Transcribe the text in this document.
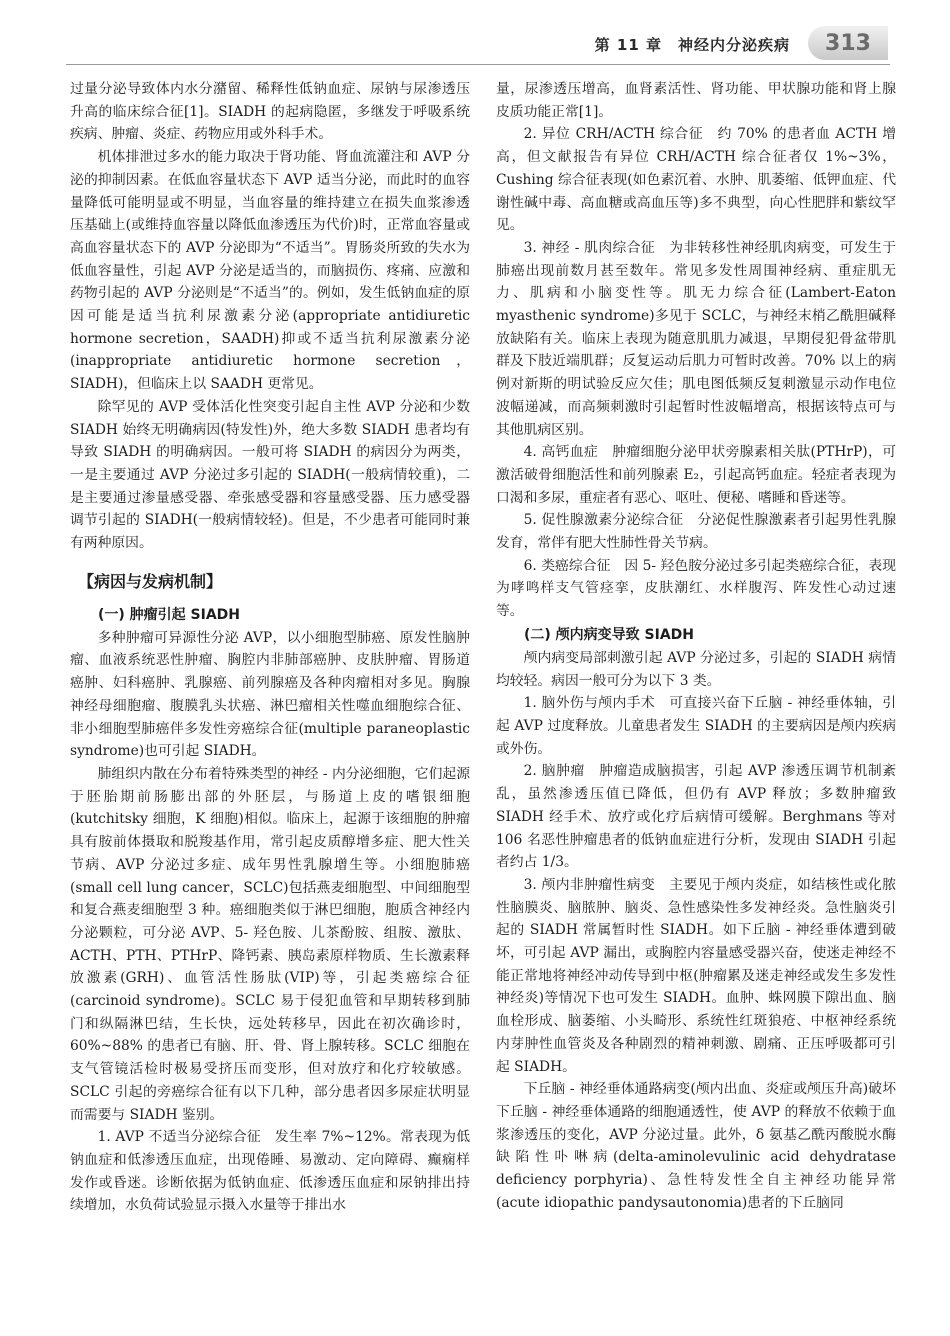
第 11 章　神经内分泌疾病	313

过量分泌导致体内水分潴留、稀释性低钠血症、尿钠与尿渗透压升高的临床综合征[1]。SIADH 的起病隐匿，多继发于呼吸系统疾病、肿瘤、炎症、药物应用或外科手术。

机体排泄过多水的能力取决于肾功能、肾血流灌注和 AVP 分泌的抑制因素。在低血容量状态下 AVP 适当分泌，而此时的血容量降低可能明显或不明显，当血容量的维持建立在损失血浆渗透压基础上(或维持血容量以降低血渗透压为代价)时，正常血容量或高血容量状态下的 AVP 分泌即为“不适当”。胃肠炎所致的失水为低血容量性，引起 AVP 分泌是适当的，而脑损伤、疼痛、应激和药物引起的 AVP 分泌则是“不适当”的。例如，发生低钠血症的原因可能是适当抗利尿激素分泌(appropriate antidiuretic hormone secretion，SAADH)抑或不适当抗利尿激素分泌(inappropriate antidiuretic hormone secretion，SIADH)，但临床上以 SAADH 更常见。

除罕见的 AVP 受体活化性突变引起自主性 AVP 分泌和少数 SIADH 始终无明确病因(特发性)外，绝大多数 SIADH 患者均有导致 SIADH 的明确病因。一般可将 SIADH 的病因分为两类，一是主要通过 AVP 分泌过多引起的 SIADH(一般病情较重)，二是主要通过渗量感受器、牵张感受器和容量感受器、压力感受器调节引起的 SIADH(一般病情较轻)。但是，不少患者可能同时兼有两种原因。

【病因与发病机制】
(一) 肿瘤引起 SIADH

多种肿瘤可异源性分泌 AVP，以小细胞型肺癌、原发性脑肿瘤、血液系统恶性肿瘤、胸腔内非肺部癌肿、皮肤肿瘤、胃肠道癌肿、妇科癌肿、乳腺癌、前列腺癌及各种肉瘤相对多见。胸腺神经母细胞瘤、腹膜乳头状癌、淋巴瘤相关性噬血细胞综合征、非小细胞型肺癌伴多发性旁癌综合征(multiple paraneoplastic syndrome)也可引起 SIADH。

肺组织内散在分布着特殊类型的神经 - 内分泌细胞，它们起源于胚胎期前肠膨出部的外胚层，与肠道上皮的嗜银细胞(kutchitsky 细胞，K 细胞)相似。临床上，起源于该细胞的肿瘤具有胺前体摄取和脱羧基作用，常引起皮质醇增多症、肥大性关节病、AVP 分泌过多症、成年男性乳腺增生等。小细胞肺癌(small cell lung cancer，SCLC)包括燕麦细胞型、中间细胞型和复合燕麦细胞型 3 种。癌细胞类似于淋巴细胞，胞质含神经内分泌颗粒，可分泌 AVP、5- 羟色胺、儿茶酚胺、组胺、激肽、ACTH、PTH、PTHrP、降钙素、胰岛素原样物质、生长激素释放激素(GRH)、血管活性肠肽(VIP)等，引起类癌综合征(carcinoid syndrome)。SCLC 易于侵犯血管和早期转移到肺门和纵隔淋巴结，生长快，远处转移早，因此在初次确诊时，60%~88% 的患者已有脑、肝、骨、肾上腺转移。SCLC 细胞在支气管镜活检时极易受挤压而变形，但对放疗和化疗较敏感。SCLC 引起的旁癌综合征有以下几种，部分患者因多尿症状明显而需要与 SIADH 鉴别。

1. AVP 不适当分泌综合征　发生率 7%~12%。常表现为低钠血症和低渗透压血症，出现倦睡、易激动、定向障碍、癫痫样发作或昏迷。诊断依据为低钠血症、低渗透压血症和尿钠排出持续增加，水负荷试验显示摄入水量等于排出水

量，尿渗透压增高，血肾素活性、肾功能、甲状腺功能和肾上腺皮质功能正常[1]。

2. 异位 CRH/ACTH 综合征　约 70% 的患者血 ACTH 增高，但文献报告有异位 CRH/ACTH 综合征者仅 1%~3%，Cushing 综合征表现(如色素沉着、水肿、肌萎缩、低钾血症、代谢性碱中毒、高血糖或高血压等)多不典型，向心性肥胖和紫纹罕见。

3. 神经 - 肌肉综合征　为非转移性神经肌肉病变，可发生于肺癌出现前数月甚至数年。常见多发性周围神经病、重症肌无力、肌病和小脑变性等。肌无力综合征(Lambert-Eaton myasthenic syndrome)多见于 SCLC，与神经末梢乙酰胆碱释放缺陷有关。临床上表现为随意肌肌力减退，早期侵犯骨盆带肌群及下肢近端肌群；反复运动后肌力可暂时改善。70% 以上的病例对新斯的明试验反应欠佳；肌电图低频反复刺激显示动作电位波幅递减，而高频刺激时引起暂时性波幅增高，根据该特点可与其他肌病区别。

4. 高钙血症　肿瘤细胞分泌甲状旁腺素相关肽(PTHrP)，可激活破骨细胞活性和前列腺素 E₂，引起高钙血症。轻症者表现为口渴和多尿，重症者有恶心、呕吐、便秘、嗜睡和昏迷等。

5. 促性腺激素分泌综合征　分泌促性腺激素者引起男性乳腺发育，常伴有肥大性肺性骨关节病。

6. 类癌综合征　因 5- 羟色胺分泌过多引起类癌综合征，表现为哮鸣样支气管痉挛，皮肤潮红、水样腹泻、阵发性心动过速等。

(二) 颅内病变导致 SIADH

颅内病变局部刺激引起 AVP 分泌过多，引起的 SIADH 病情均较轻。病因一般可分为以下 3 类。

1. 脑外伤与颅内手术　可直接兴奋下丘脑 - 神经垂体轴，引起 AVP 过度释放。儿童患者发生 SIADH 的主要病因是颅内疾病或外伤。

2. 脑肿瘤　肿瘤造成脑损害，引起 AVP 渗透压调节机制紊乱，虽然渗透压值已降低，但仍有 AVP 释放；多数肿瘤致 SIADH 经手术、放疗或化疗后病情可缓解。Berghmans 等对 106 名恶性肿瘤患者的低钠血症进行分析，发现由 SIADH 引起者约占 1/3。

3. 颅内非肿瘤性病变　主要见于颅内炎症，如结核性或化脓性脑膜炎、脑脓肿、脑炎、急性感染性多发神经炎。急性脑炎引起的 SIADH 常属暂时性 SIADH。如下丘脑 - 神经垂体遭到破坏，可引起 AVP 漏出，或胸腔内容量感受器兴奋，使迷走神经不能正常地将神经冲动传导到中枢(肿瘤累及迷走神经或发生多发性神经炎)等情况下也可发生 SIADH。血肿、蛛网膜下隙出血、脑血栓形成、脑萎缩、小头畸形、系统性红斑狼疮、中枢神经系统内芽肿性血管炎及各种剧烈的精神刺激、剧痛、正压呼吸都可引起 SIADH。

下丘脑 - 神经垂体通路病变(颅内出血、炎症或颅压升高)破坏下丘脑 - 神经垂体通路的细胞通透性，使 AVP 的释放不依赖于血浆渗透压的变化，AVP 分泌过量。此外，δ 氨基乙酰丙酸脱水酶缺陷性卟啉病(delta-aminolevulinic acid dehydratase deficiency porphyria)、急性特发性全自主神经功能异常(acute idiopathic pandysautonomia)患者的下丘脑同
